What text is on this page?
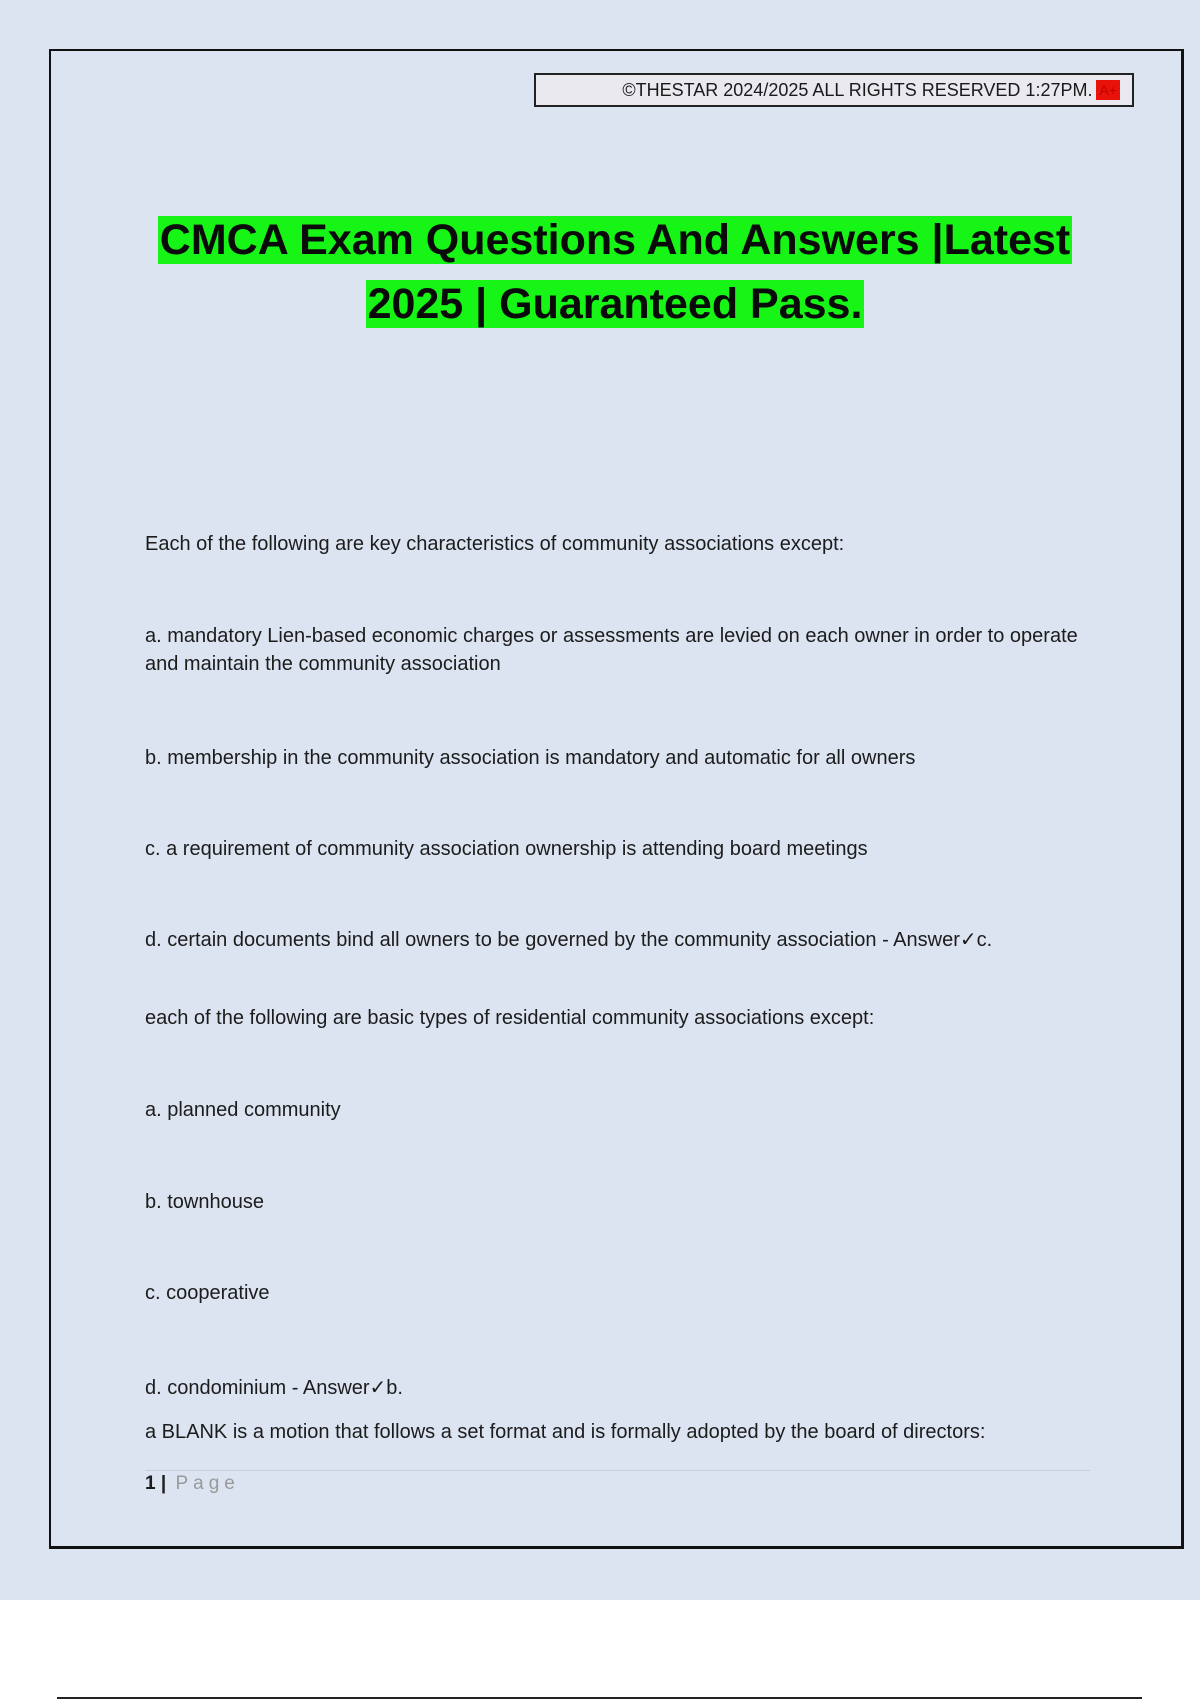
©THESTAR 2024/2025 ALL RIGHTS RESERVED 1:27PM. A+
CMCA Exam Questions And Answers |Latest
2025 | Guaranteed Pass.
Each of the following are key characteristics of community associations except:
a. mandatory Lien-based economic charges or assessments are levied on each owner in order to operate and maintain the community association
b. membership in the community association is mandatory and automatic for all owners
c. a requirement of community association ownership is attending board meetings
d. certain documents bind all owners to be governed by the community association - Answer✓c.
each of the following are basic types of residential community associations except:
a. planned community
b. townhouse
c. cooperative
d. condominium - Answer✓b.
a BLANK is a motion that follows a set format and is formally adopted by the board of directors:
1 | Page
